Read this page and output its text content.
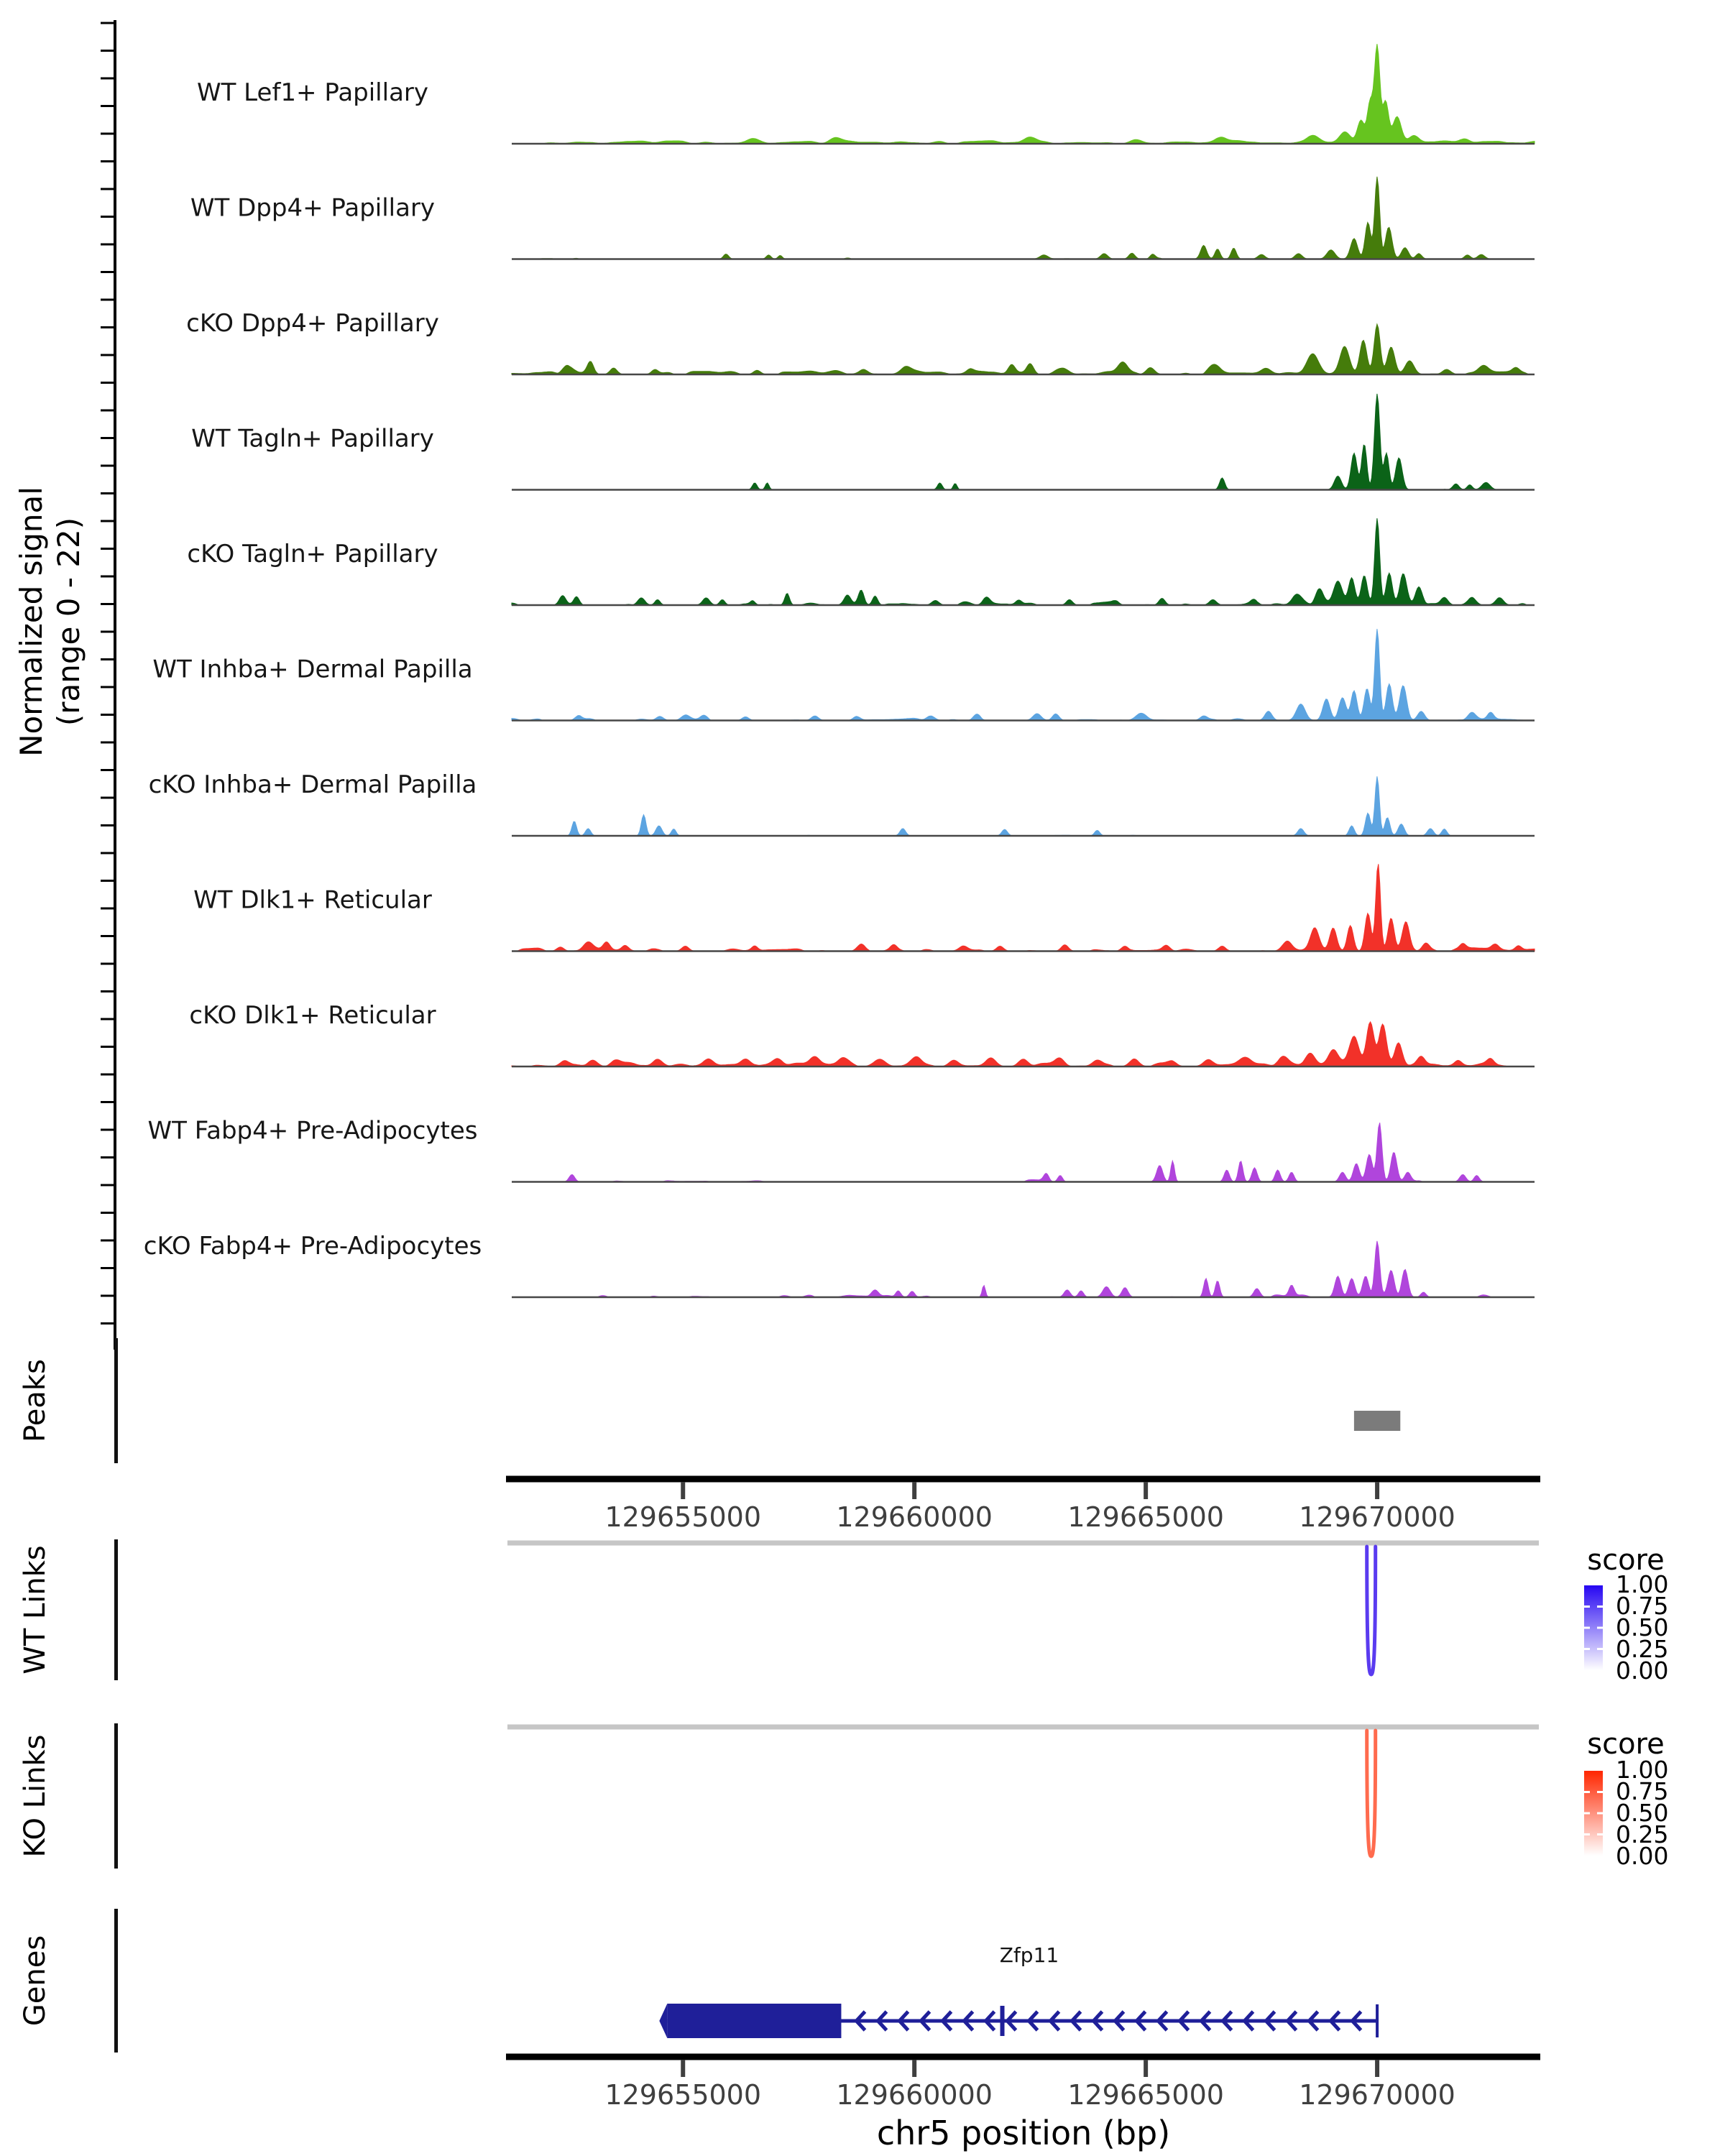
WT Lef1+ Papillary
WT Dpp4+ Papillary
cKO Dpp4+ Papillary
WT Tagln+ Papillary
cKO Tagln+ Papillary
WT Inhba+ Dermal Papilla
cKO Inhba+ Dermal Papilla
WT Dlk1+ Reticular
cKO Dlk1+ Reticular
WT Fabp4+ Pre-Adipocytes
cKO Fabp4+ Pre-Adipocytes
129655000	129660000	129665000	129670000
1.00
0.75
0.50
0.25
0.00
1.00
0.75
0.50
0.25
0.00
129655000	129660000	129665000	129670000
Normalized signal (range 0 - 22)
Peaks
WT Links
KO Links
Genes
score
score
Zfp11
chr5 position (bp)
